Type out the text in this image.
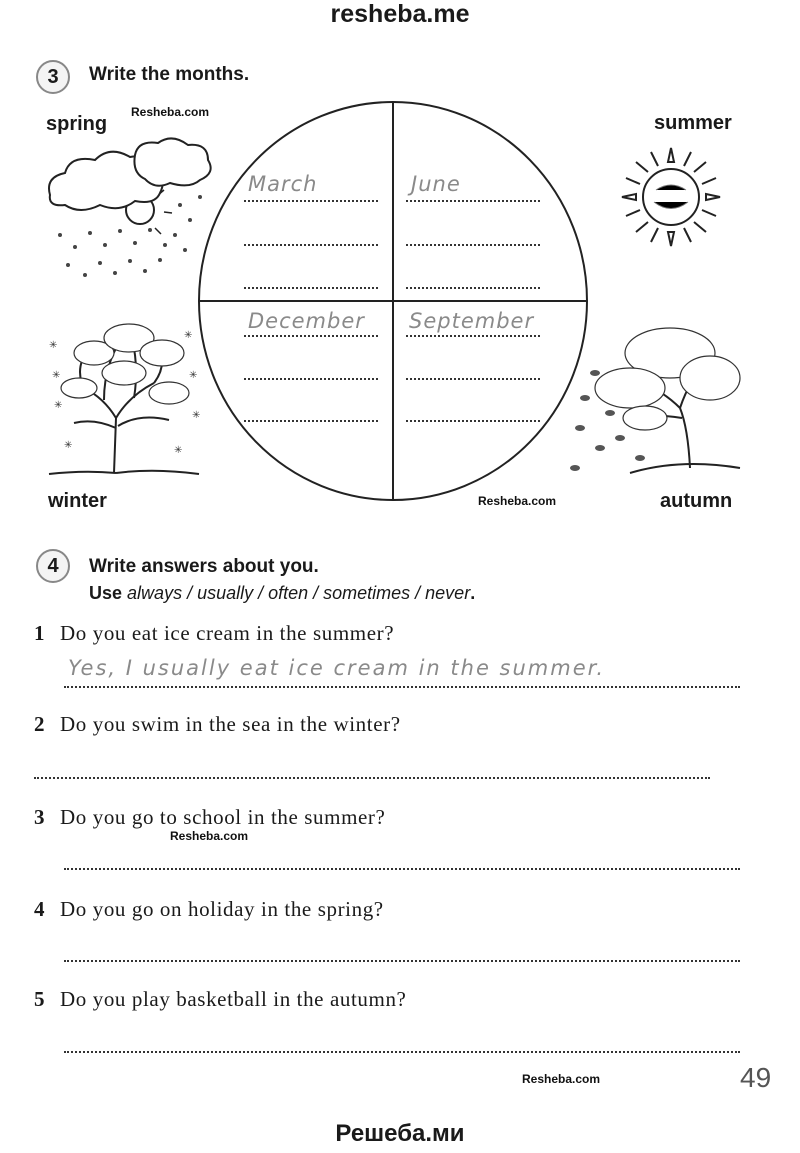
resheba.me
3	Write the months.
spring
Resheba.com	summer
winter	autumn
Resheba.com
✳
✳
✳
✳
✳	✳
✳	✳
March	June
December September
4	Write answers about you.
Use always / usually / often / sometimes / never.
1 Do you eat ice cream in the summer?
Yes, I usually eat ice cream in the summer.
2 Do you swim in the sea in the winter?
3 Do you go to school in the summer?
Resheba.com
4 Do you go on holiday in the spring?
5 Do you play basketball in the autumn?
Resheba.com	49
Решеба.ми
